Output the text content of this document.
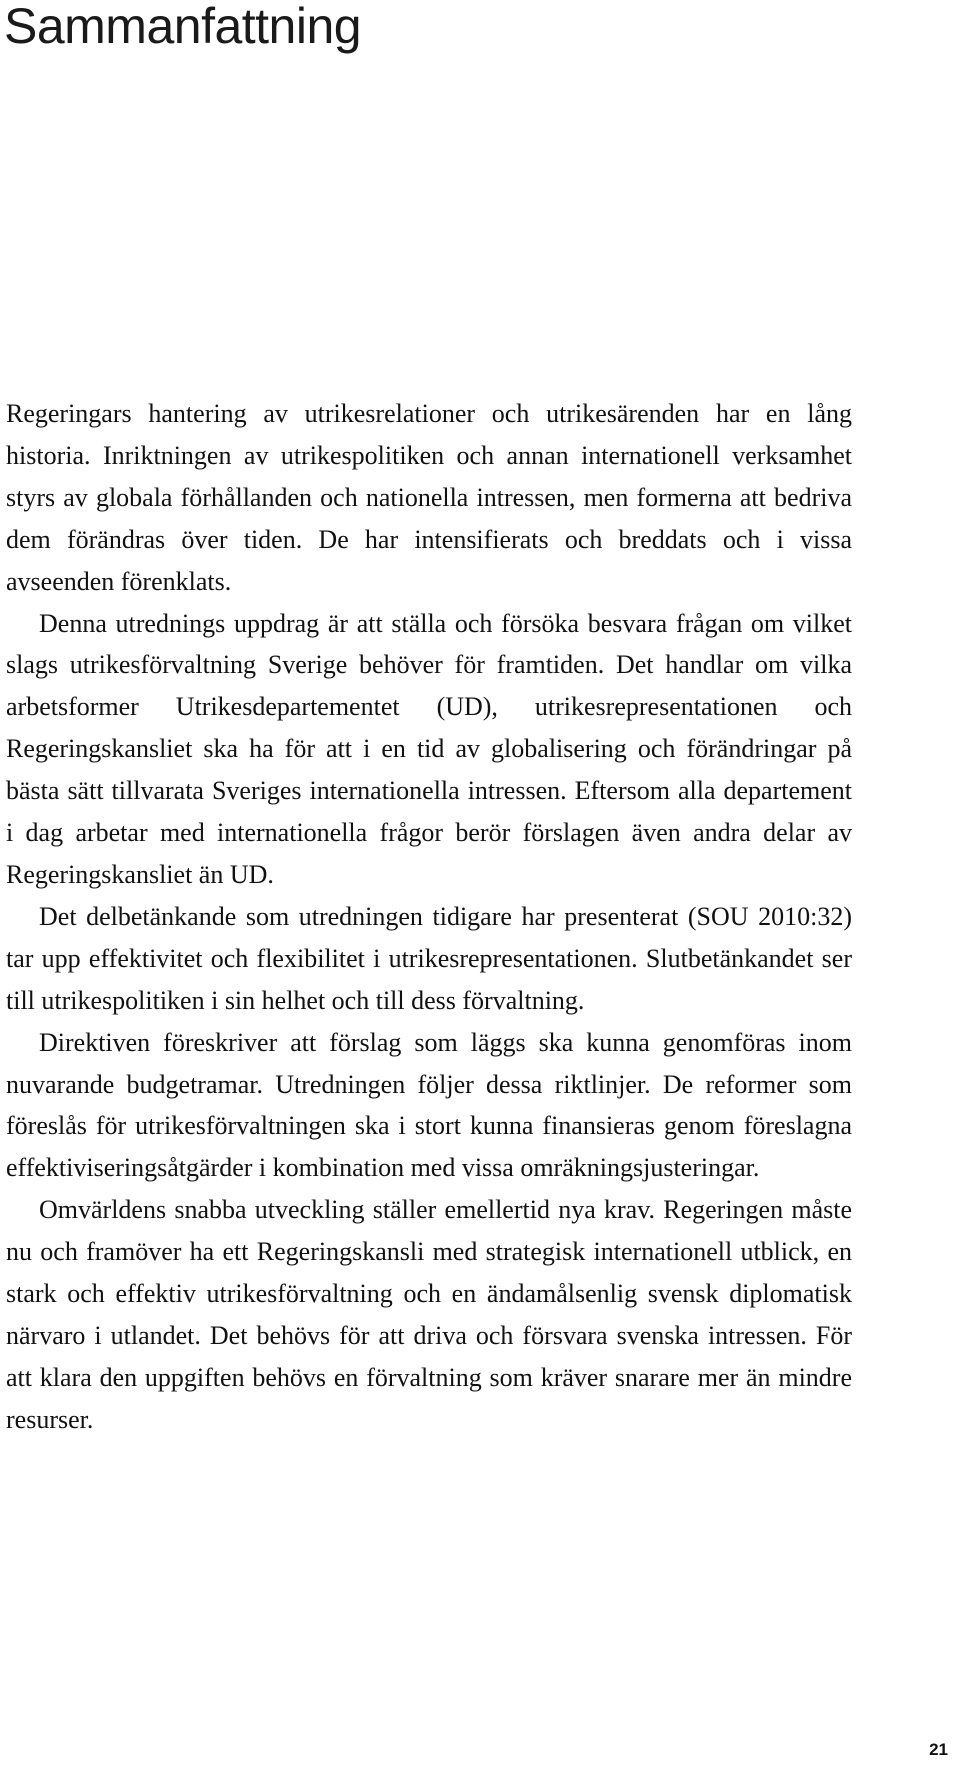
Sammanfattning

Regeringars hantering av utrikesrelationer och utrikesärenden har en lång historia. Inriktningen av utrikespolitiken och annan internationell verksamhet styrs av globala förhållanden och nationella intressen, men formerna att bedriva dem förändras över tiden. De har intensifierats och breddats och i vissa avseenden förenklats.

Denna utrednings uppdrag är att ställa och försöka besvara frågan om vilket slags utrikesförvaltning Sverige behöver för framtiden. Det handlar om vilka arbetsformer Utrikesdepartementet (UD), utrikesrepresentationen och Regeringskansliet ska ha för att i en tid av globalisering och förändringar på bästa sätt tillvarata Sveriges internationella intressen. Eftersom alla departement i dag arbetar med internationella frågor berör förslagen även andra delar av Regeringskansliet än UD.

Det delbetänkande som utredningen tidigare har presenterat (SOU 2010:32) tar upp effektivitet och flexibilitet i utrikesrepresentationen. Slutbetänkandet ser till utrikespolitiken i sin helhet och till dess förvaltning.

Direktiven föreskriver att förslag som läggs ska kunna genomföras inom nuvarande budgetramar. Utredningen följer dessa riktlinjer. De reformer som föreslås för utrikesförvaltningen ska i stort kunna finansieras genom föreslagna effektiviseringsåtgärder i kombination med vissa omräkningsjusteringar.

Omvärldens snabba utveckling ställer emellertid nya krav. Regeringen måste nu och framöver ha ett Regeringskansli med strategisk internationell utblick, en stark och effektiv utrikesförvaltning och en ändamålsenlig svensk diplomatisk närvaro i utlandet. Det behövs för att driva och försvara svenska intressen. För att klara den uppgiften behövs en förvaltning som kräver snarare mer än mindre resurser.

21
